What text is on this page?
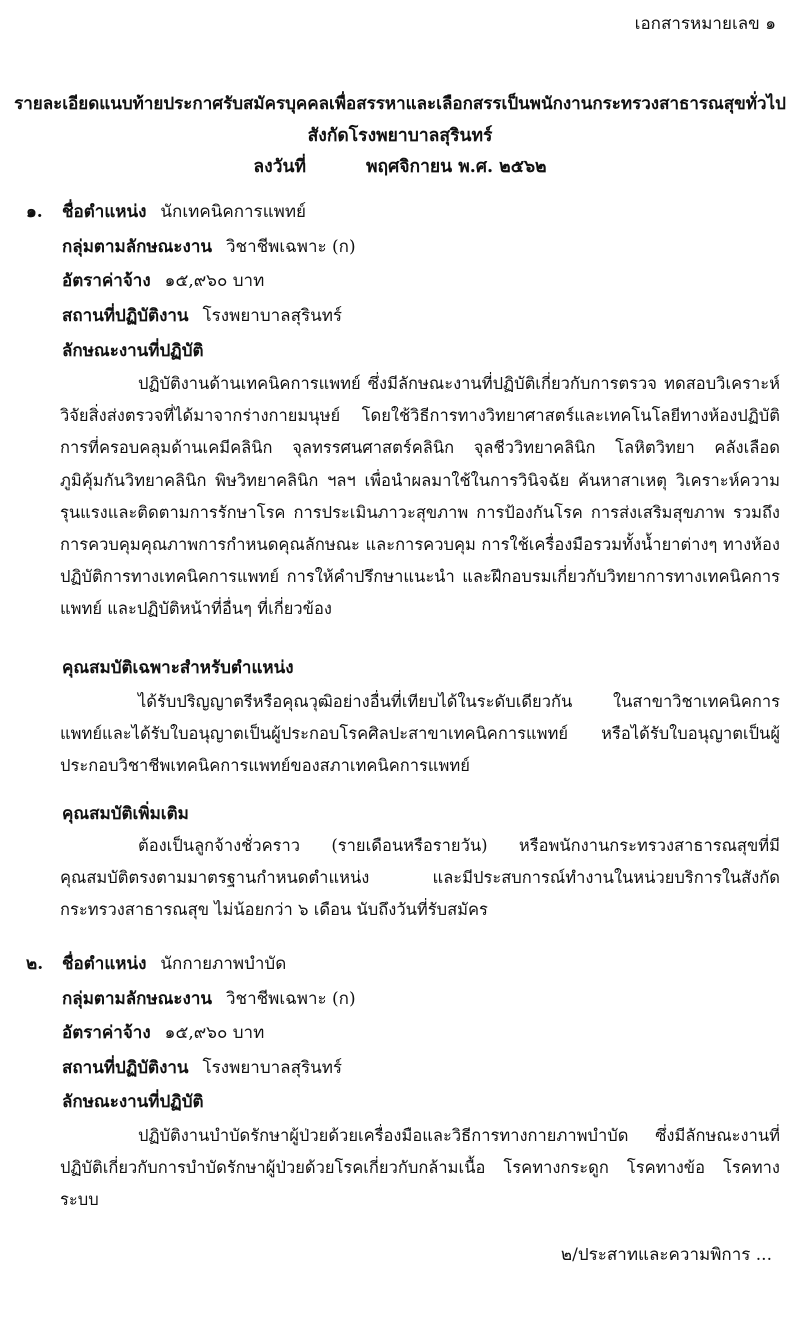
เอกสารหมายเลข ๑
รายละเอียดแนบท้ายประกาศรับสมัครบุคคลเพื่อสรรหาและเลือกสรรเป็นพนักงานกระทรวงสาธารณสุขทั่วไป
สังกัดโรงพยาบาลสุรินทร์
ลงวันที่	พฤศจิกายน พ.ศ. ๒๕๖๒
๑. ชื่อตำแหน่ง นักเทคนิคการแพทย์
กลุ่มตามลักษณะงาน วิชาชีพเฉพาะ (ก)
อัตราค่าจ้าง ๑๕,๙๖๐ บาท
สถานที่ปฏิบัติงาน โรงพยาบาลสุรินทร์
ลักษณะงานที่ปฏิบัติ
ปฏิบัติงานด้านเทคนิคการแพทย์ ซึ่งมีลักษณะงานที่ปฏิบัติเกี่ยวกับการตรวจ ทดสอบวิเคราะห์วิจัยสิ่งส่งตรวจที่ได้มาจากร่างกายมนุษย์ โดยใช้วิธีการทางวิทยาศาสตร์และเทคโนโลยีทางห้องปฏิบัติการที่ครอบคลุมด้านเคมีคลินิก จุลทรรศนศาสตร์คลินิก จุลชีววิทยาคลินิก โลหิตวิทยา คลังเลือดภูมิคุ้มกันวิทยาคลินิก พิษวิทยาคลินิก ฯลฯ เพื่อนำผลมาใช้ในการวินิจฉัย ค้นหาสาเหตุ วิเคราะห์ความรุนแรงและติดตามการรักษาโรค การประเมินภาวะสุขภาพ การป้องกันโรค การส่งเสริมสุขภาพ รวมถึงการควบคุมคุณภาพการกำหนดคุณลักษณะ และการควบคุม การใช้เครื่องมือรวมทั้งน้ำยาต่างๆ ทางห้องปฏิบัติการทางเทคนิคการแพทย์ การให้คำปรึกษาแนะนำ และฝึกอบรมเกี่ยวกับวิทยาการทางเทคนิคการแพทย์ และปฏิบัติหน้าที่อื่นๆ ที่เกี่ยวข้อง
คุณสมบัติเฉพาะสำหรับตำแหน่ง
ได้รับปริญญาตรีหรือคุณวุฒิอย่างอื่นที่เทียบได้ในระดับเดียวกัน ในสาขาวิชาเทคนิคการแพทย์และได้รับใบอนุญาตเป็นผู้ประกอบโรคศิลปะสาขาเทคนิคการแพทย์ หรือได้รับใบอนุญาตเป็นผู้ประกอบวิชาชีพเทคนิคการแพทย์ของสภาเทคนิคการแพทย์
คุณสมบัติเพิ่มเติม
ต้องเป็นลูกจ้างชั่วคราว (รายเดือนหรือรายวัน) หรือพนักงานกระทรวงสาธารณสุขที่มีคุณสมบัติตรงตามมาตรฐานกำหนดตำแหน่ง และมีประสบการณ์ทำงานในหน่วยบริการในสังกัดกระทรวงสาธารณสุข ไม่น้อยกว่า ๖ เดือน นับถึงวันที่รับสมัคร
๒. ชื่อตำแหน่ง นักกายภาพบำบัด
กลุ่มตามลักษณะงาน วิชาชีพเฉพาะ (ก)
อัตราค่าจ้าง ๑๕,๙๖๐ บาท
สถานที่ปฏิบัติงาน โรงพยาบาลสุรินทร์
ลักษณะงานที่ปฏิบัติ
ปฏิบัติงานบำบัดรักษาผู้ป่วยด้วยเครื่องมือและวิธีการทางกายภาพบำบัด ซึ่งมีลักษณะงานที่ปฏิบัติเกี่ยวกับการบำบัดรักษาผู้ป่วยด้วยโรคเกี่ยวกับกล้ามเนื้อ โรคทางกระดูก โรคทางข้อ โรคทางระบบ
๒/ประสาทและความพิการ ...
